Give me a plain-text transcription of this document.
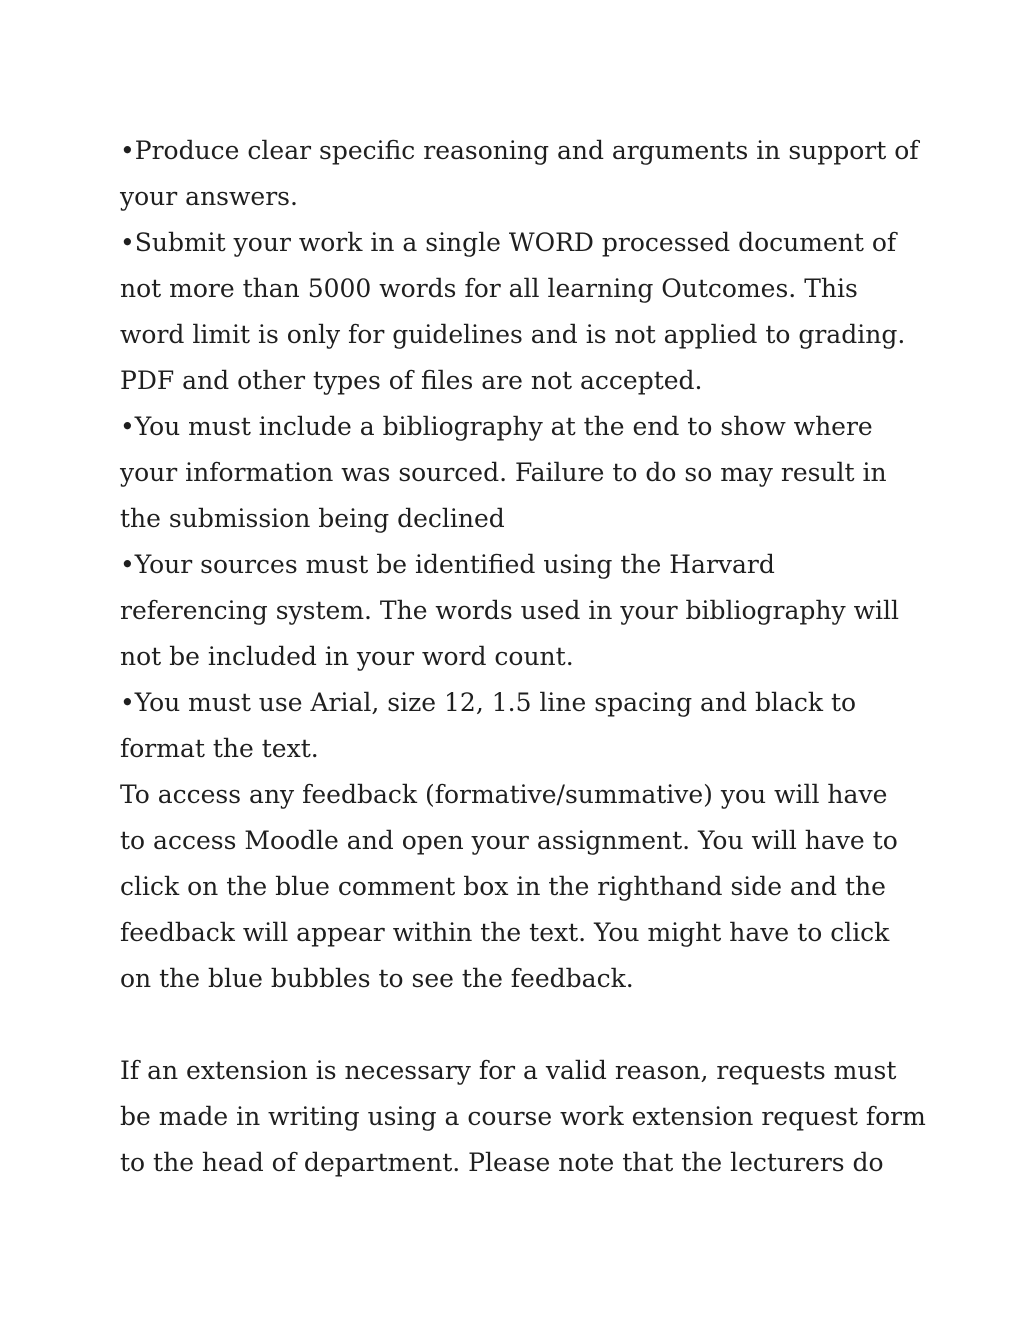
•Produce clear specific reasoning and arguments in support of
your answers.
•Submit your work in a single WORD processed document of
not more than 5000 words for all learning Outcomes. This
word limit is only for guidelines and is not applied to grading.
PDF and other types of files are not accepted.
•You must include a bibliography at the end to show where
your information was sourced. Failure to do so may result in
the submission being declined
•Your sources must be identified using the Harvard
referencing system. The words used in your bibliography will
not be included in your word count.
•You must use Arial, size 12, 1.5 line spacing and black to
format the text.
To access any feedback (formative/summative) you will have
to access Moodle and open your assignment. You will have to
click on the blue comment box in the righthand side and the
feedback will appear within the text. You might have to click
on the blue bubbles to see the feedback.
If an extension is necessary for a valid reason, requests must
be made in writing using a course work extension request form
to the head of department. Please note that the lecturers do
